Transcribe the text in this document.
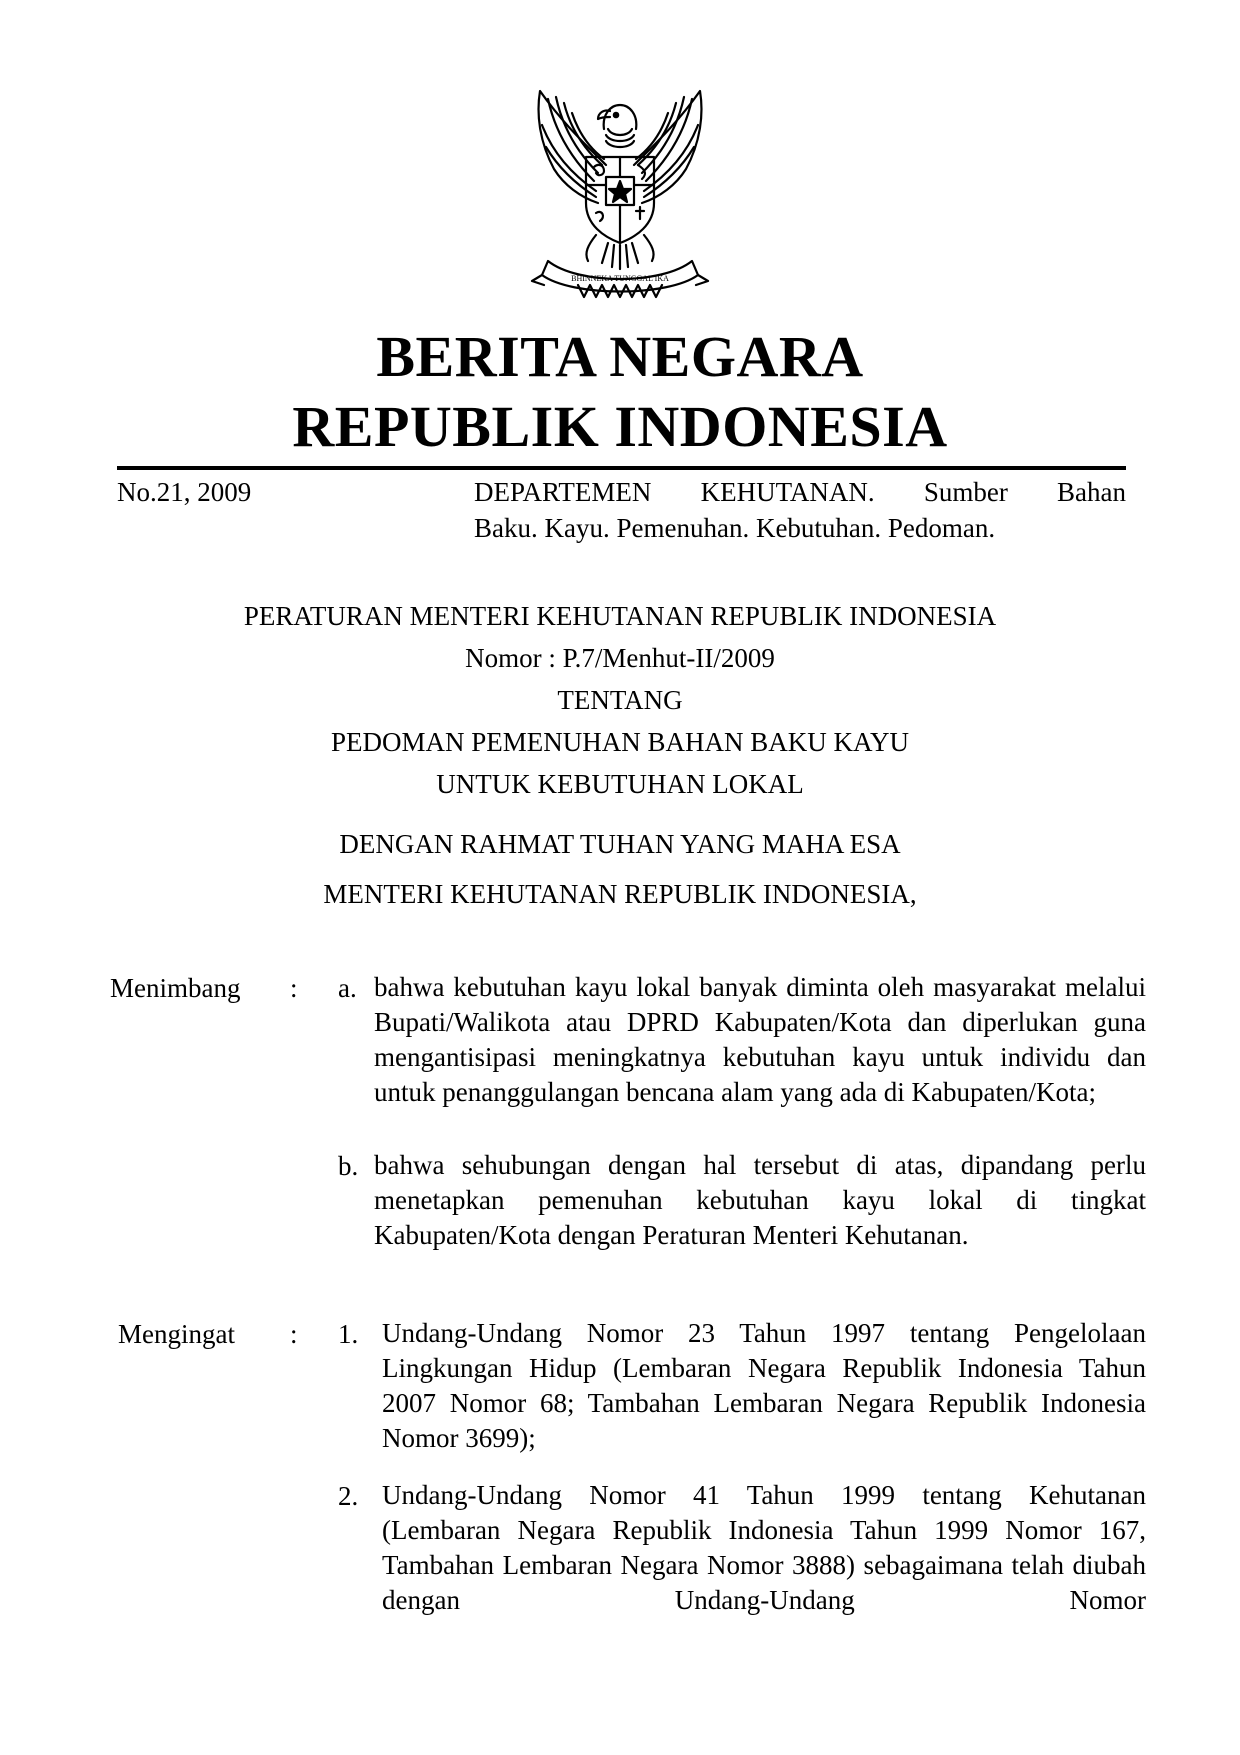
BHINNEKA TUNGGAL IKA
BERITA NEGARA
REPUBLIK INDONESIA
No.21, 2009	DEPARTEMEN KEHUTANAN. Sumber Bahan
Baku. Kayu. Pemenuhan. Kebutuhan. Pedoman.
PERATURAN MENTERI KEHUTANAN REPUBLIK INDONESIA
Nomor : P.7/Menhut-II/2009
TENTANG
PEDOMAN PEMENUHAN BAHAN BAKU KAYU
UNTUK KEBUTUHAN LOKAL
DENGAN RAHMAT TUHAN YANG MAHA ESA
MENTERI KEHUTANAN REPUBLIK INDONESIA,
Menimbang : a. bahwa kebutuhan kayu lokal banyak diminta oleh masyarakat melalui Bupati/Walikota atau DPRD Kabupaten/Kota dan diperlukan guna mengantisipasi meningkatnya kebutuhan kayu untuk individu dan untuk penanggulangan bencana alam yang ada di Kabupaten/Kota;
b. bahwa sehubungan dengan hal tersebut di atas, dipandang perlu menetapkan pemenuhan kebutuhan kayu lokal di tingkat Kabupaten/Kota dengan Peraturan Menteri Kehutanan.
Mengingat : 1. Undang-Undang Nomor 23 Tahun 1997 tentang Pengelolaan Lingkungan Hidup (Lembaran Negara Republik Indonesia Tahun 2007 Nomor 68; Tambahan Lembaran Negara Republik Indonesia Nomor 3699);
2. Undang-Undang Nomor 41 Tahun 1999 tentang Kehutanan (Lembaran Negara Republik Indonesia Tahun 1999 Nomor 167, Tambahan Lembaran Negara Nomor 3888) sebagaimana telah diubah dengan Undang-Undang Nomor
